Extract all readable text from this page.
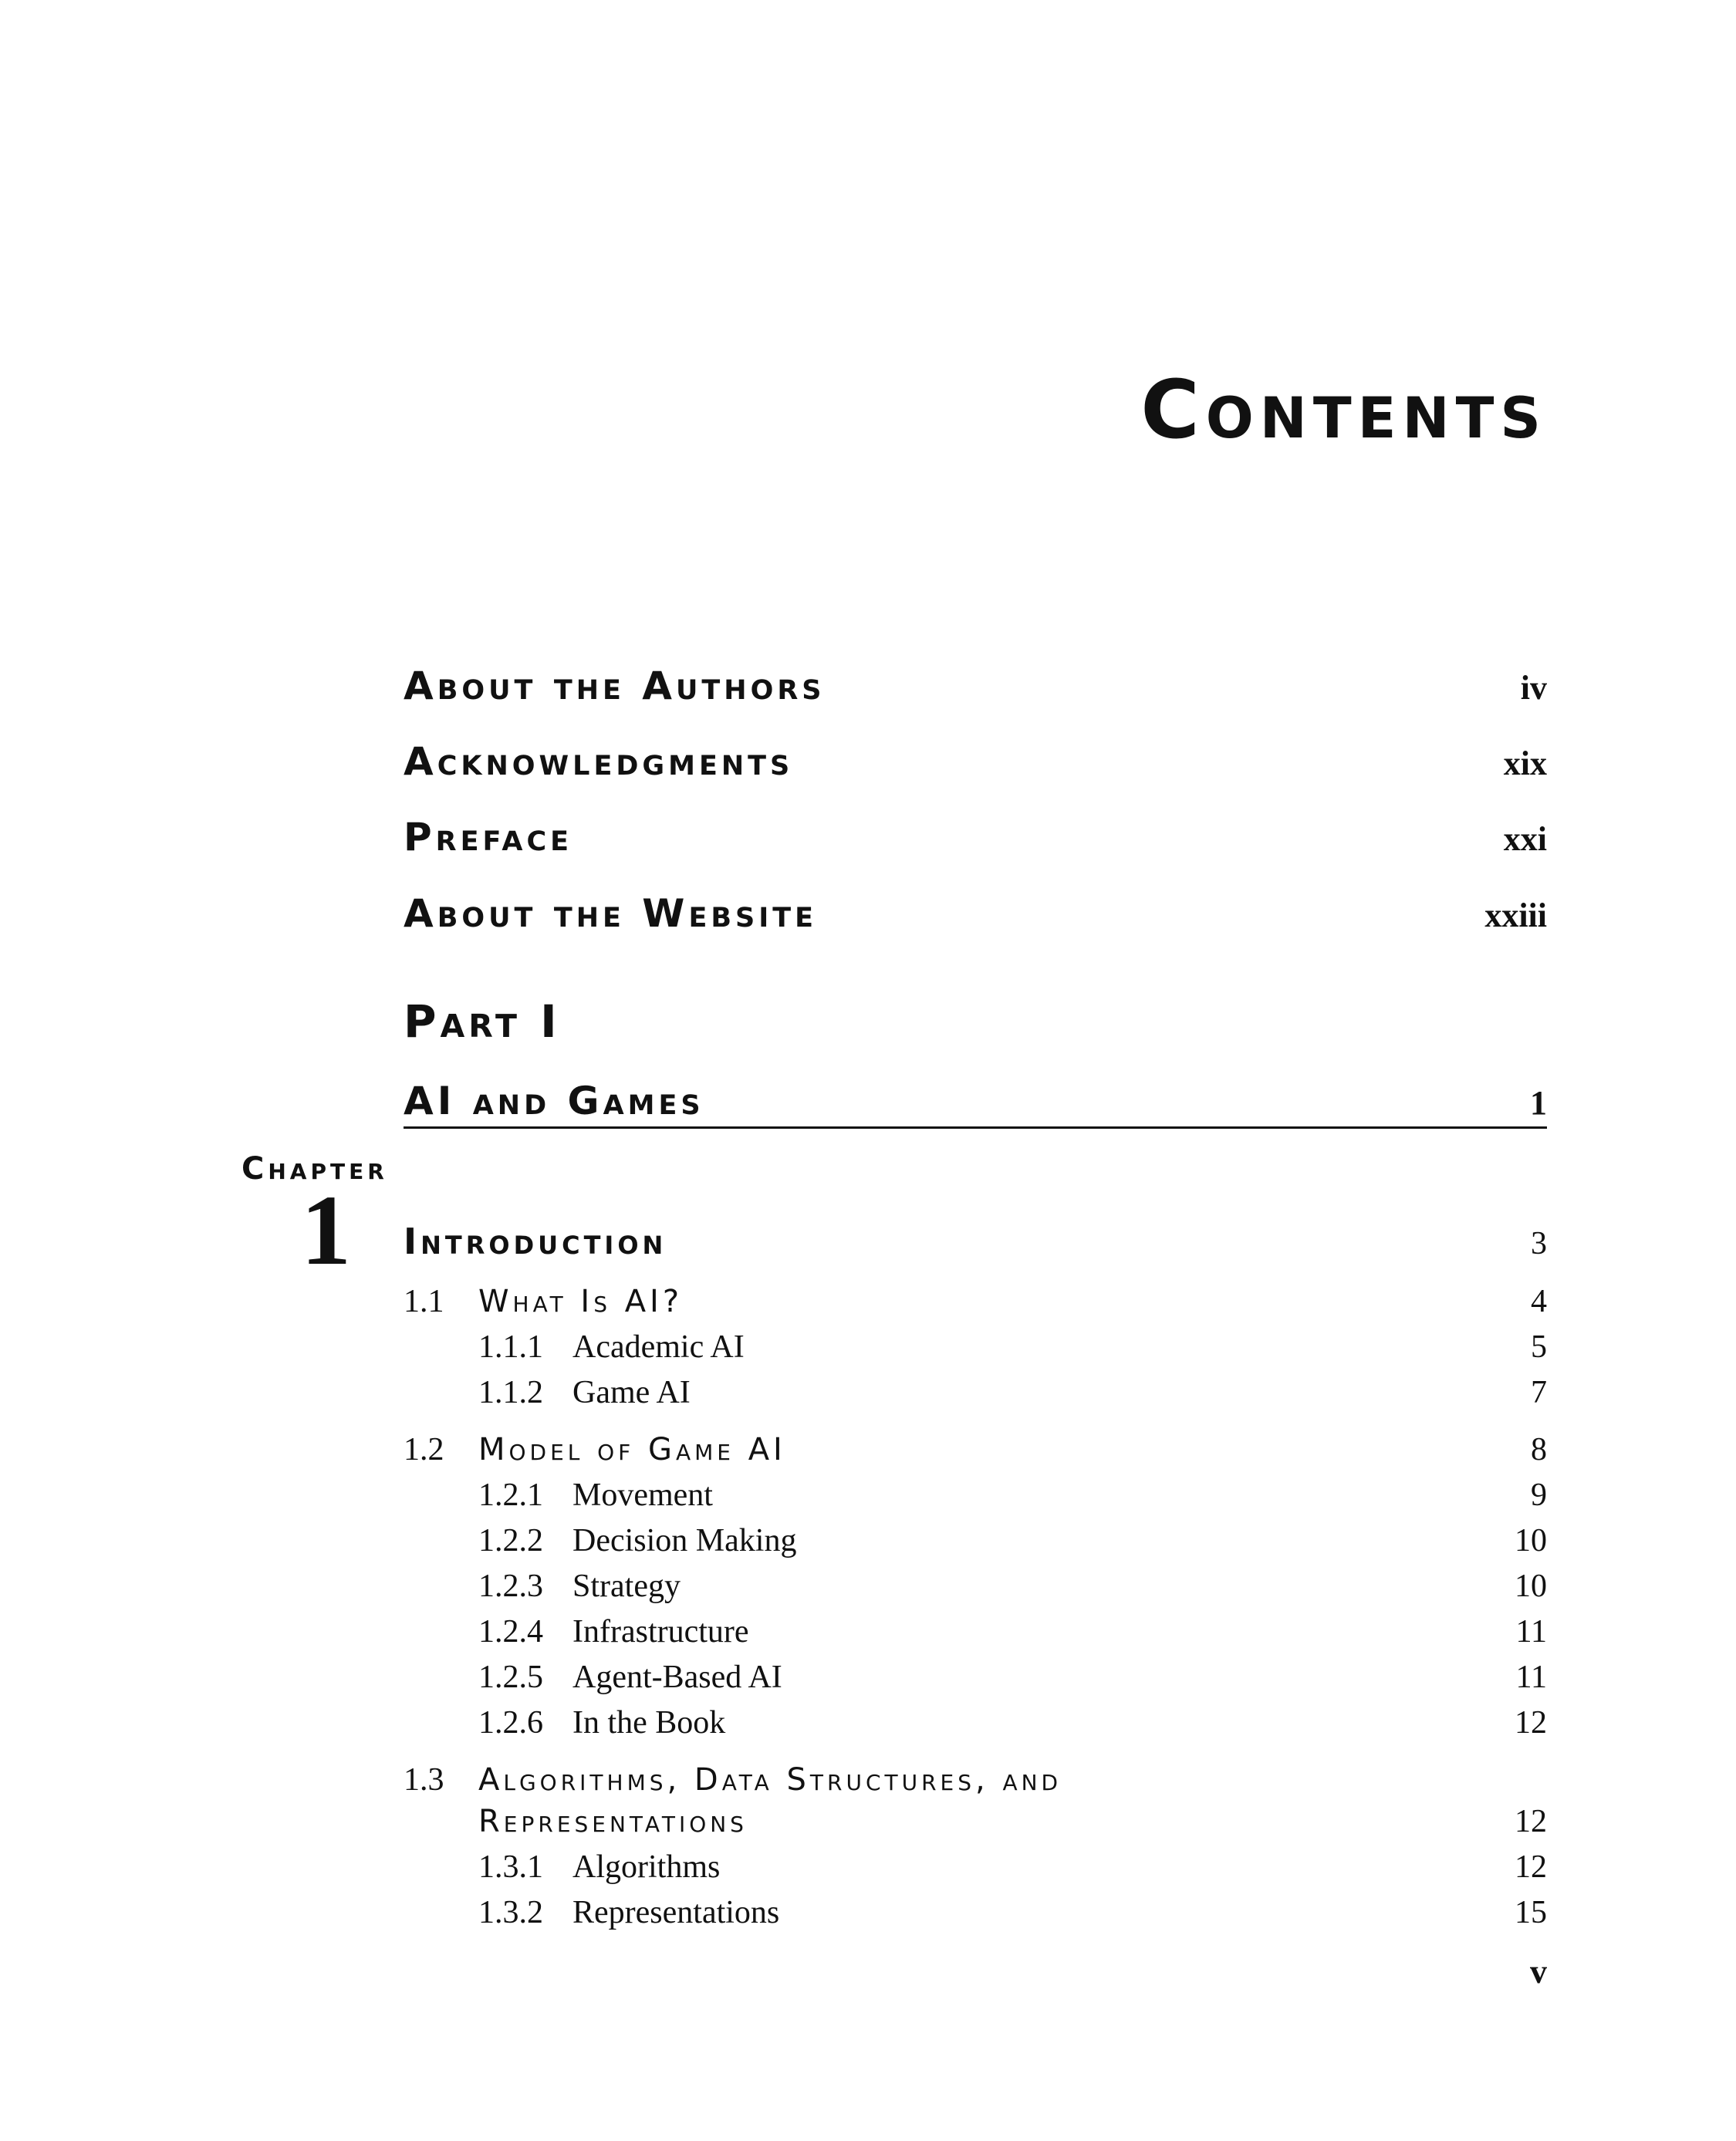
Contents
About the Authors	iv
Acknowledgments	xix
Preface	xxi
About the Website	xxiii
Part I
AI and Games	1
Chapter
1 Introduction	3
1.1	What Is AI?	4
1.1.1 Academic AI	5
1.1.2 Game AI	7
1.2	Model of Game AI	8
1.2.1 Movement	9
1.2.2 Decision Making	10
1.2.3 Strategy	10
1.2.4 Infrastructure	11
1.2.5 Agent-Based AI	11
1.2.6 In the Book	12
1.3	Algorithms, Data Structures, and
Representations	12
1.3.1 Algorithms	12
1.3.2 Representations	15
v
